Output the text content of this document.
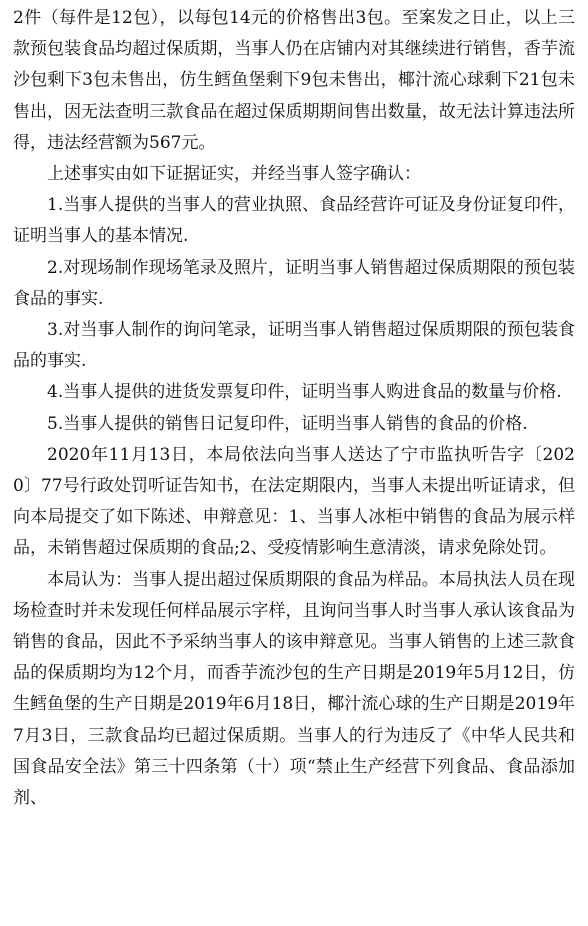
2件（每件是12包），以每包14元的价格售出3包。至案发之日止，以上三款预包装食品均超过保质期，当事人仍在店铺内对其继续进行销售，香芋流沙包剩下3包未售出，仿生鳕鱼堡剩下9包未售出，椰汁流心球剩下21包未售出，因无法查明三款食品在超过保质期期间售出数量，故无法计算违法所得，违法经营额为567元。

上述事实由如下证据证实，并经当事人签字确认：

1.当事人提供的当事人的营业执照、食品经营许可证及身份证复印件，证明当事人的基本情况.

2.对现场制作现场笔录及照片，证明当事人销售超过保质期限的预包装食品的事实.

3.对当事人制作的询问笔录，证明当事人销售超过保质期限的预包装食品的事实.

4.当事人提供的进货发票复印件，证明当事人购进食品的数量与价格.

5.当事人提供的销售日记复印件，证明当事人销售的食品的价格.

2020年11月13日，本局依法向当事人送达了宁市监执听告字〔2020〕77号行政处罚听证告知书，在法定期限内，当事人未提出听证请求，但向本局提交了如下陈述、申辩意见：1、当事人冰柜中销售的食品为展示样品，未销售超过保质期的食品;2、受疫情影响生意清淡，请求免除处罚。

本局认为：当事人提出超过保质期限的食品为样品。本局执法人员在现场检查时并未发现任何样品展示字样，且询问当事人时当事人承认该食品为销售的食品，因此不予采纳当事人的该申辩意见。当事人销售的上述三款食品的保质期均为12个月，而香芋流沙包的生产日期是2019年5月12日，仿生鳕鱼堡的生产日期是2019年6月18日，椰汁流心球的生产日期是2019年7月3日，三款食品均已超过保质期。当事人的行为违反了《中华人民共和国食品安全法》第三十四条第（十）项“禁止生产经营下列食品、食品添加剂、
